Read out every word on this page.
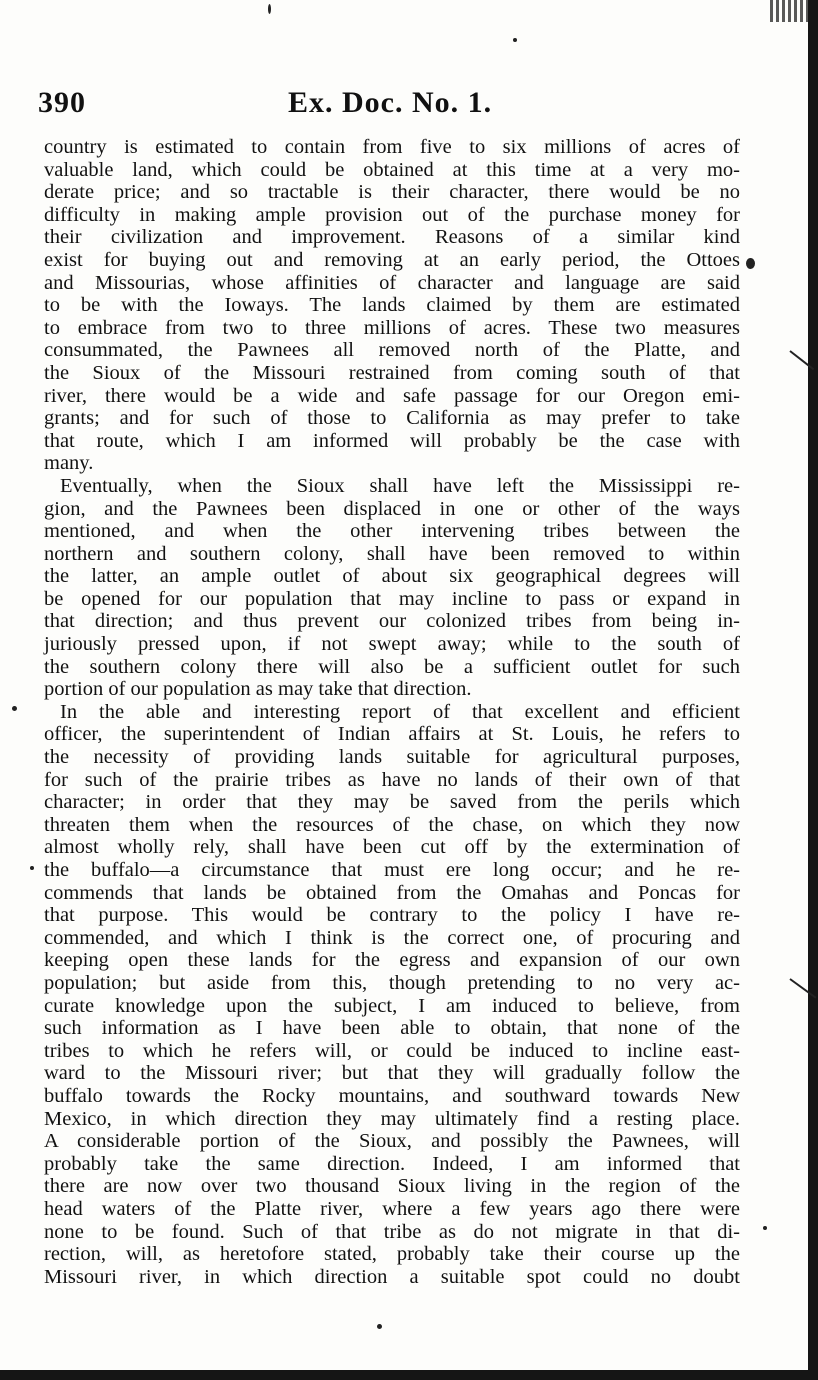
390	Ex. Doc. No. 1.
country is estimated to contain from five to six millions of acres of
valuable land, which could be obtained at this time at a very mo-
derate price; and so tractable is their character, there would be no
difficulty in making ample provision out of the purchase money for
their civilization and improvement. Reasons of a similar kind
exist for buying out and removing at an early period, the Ottoes
and Missourias, whose affinities of character and language are said
to be with the Ioways. The lands claimed by them are estimated
to embrace from two to three millions of acres. These two measures
consummated, the Pawnees all removed north of the Platte, and
the Sioux of the Missouri restrained from coming south of that
river, there would be a wide and safe passage for our Oregon emi-
grants; and for such of those to California as may prefer to take
that route, which I am informed will probably be the case with
many.
Eventually, when the Sioux shall have left the Mississippi re-
gion, and the Pawnees been displaced in one or other of the ways
mentioned, and when the other intervening tribes between the
northern and southern colony, shall have been removed to within
the latter, an ample outlet of about six geographical degrees will
be opened for our population that may incline to pass or expand in
that direction; and thus prevent our colonized tribes from being in-
juriously pressed upon, if not swept away; while to the south of
the southern colony there will also be a sufficient outlet for such
portion of our population as may take that direction.
In the able and interesting report of that excellent and efficient
officer, the superintendent of Indian affairs at St. Louis, he refers to
the necessity of providing lands suitable for agricultural purposes,
for such of the prairie tribes as have no lands of their own of that
character; in order that they may be saved from the perils which
threaten them when the resources of the chase, on which they now
almost wholly rely, shall have been cut off by the extermination of
the buffalo—a circumstance that must ere long occur; and he re-
commends that lands be obtained from the Omahas and Poncas for
that purpose. This would be contrary to the policy I have re-
commended, and which I think is the correct one, of procuring and
keeping open these lands for the egress and expansion of our own
population; but aside from this, though pretending to no very ac-
curate knowledge upon the subject, I am induced to believe, from
such information as I have been able to obtain, that none of the
tribes to which he refers will, or could be induced to incline east-
ward to the Missouri river; but that they will gradually follow the
buffalo towards the Rocky mountains, and southward towards New
Mexico, in which direction they may ultimately find a resting place.
A considerable portion of the Sioux, and possibly the Pawnees, will
probably take the same direction. Indeed, I am informed that
there are now over two thousand Sioux living in the region of the
head waters of the Platte river, where a few years ago there were
none to be found. Such of that tribe as do not migrate in that di-
rection, will, as heretofore stated, probably take their course up the
Missouri river, in which direction a suitable spot could no doubt
